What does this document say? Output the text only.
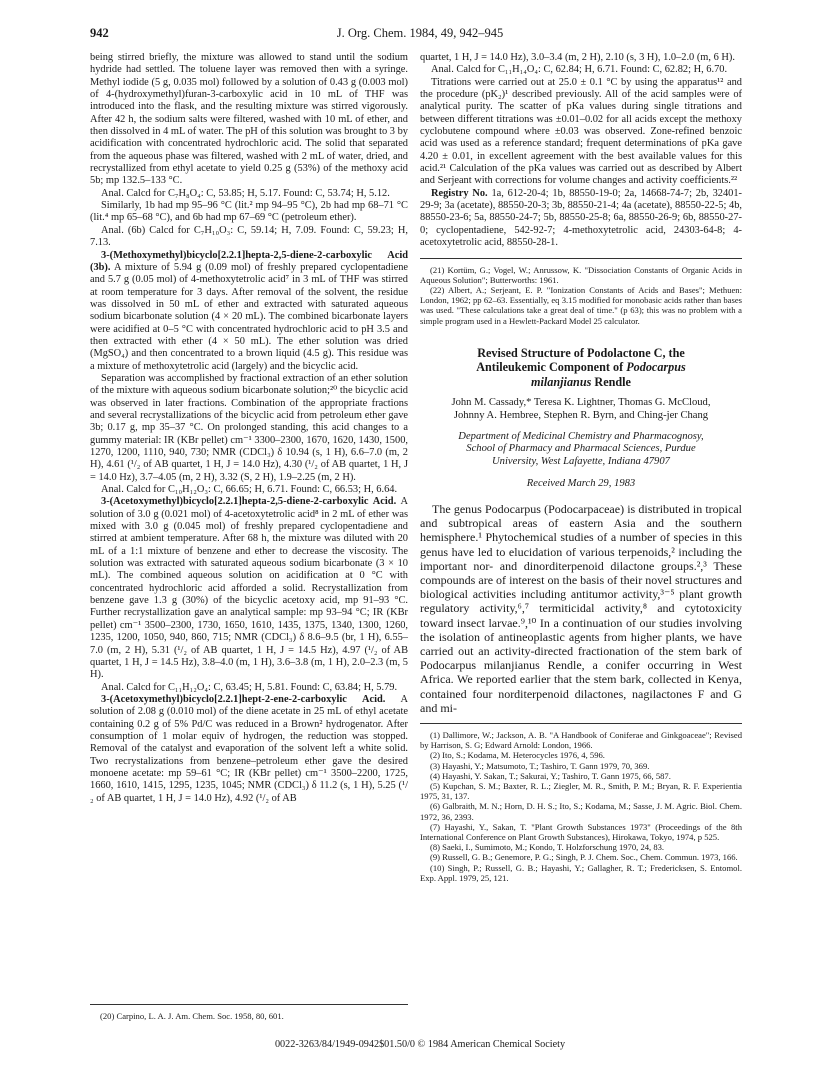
942	J. Org. Chem. 1984, 49, 942–945

being stirred briefly, the mixture was allowed to stand until the sodium hydride had settled. The toluene layer was removed then with a syringe. Methyl iodide (5 g, 0.035 mol) followed by a solution of 0.43 g (0.003 mol) of 4-(hydroxymethyl)furan-3-carboxylic acid in 10 mL of THF was introduced into the flask, and the resulting mixture was stirred vigorously. After 42 h, the sodium salts were filtered, washed with 10 mL of ether, and then dissolved in 4 mL of water. The pH of this solution was brought to 3 by acidification with concentrated hydrochloric acid. The solid that separated from the aqueous phase was filtered, washed with 2 mL of water, dried, and recrystallized from ethyl acetate to yield 0.25 g (53%) of the methoxy acid 5b; mp 132.5–133 °C.

Anal. Calcd for C₇H₈O₄: C, 53.85; H, 5.17. Found: C, 53.74; H, 5.12.

Similarly, 1b had mp 95–96 °C (lit.² mp 94–95 °C), 2b had mp 68–71 °C (lit.⁴ mp 65–68 °C), and 6b had mp 67–69 °C (petroleum ether).

Anal. (6b) Calcd for C₇H₁₀O₃: C, 59.14; H, 7.09. Found: C, 59.23; H, 7.13.

3-(Methoxymethyl)bicyclo[2.2.1]hepta-2,5-diene-2-carboxylic Acid (3b). A mixture of 5.94 g (0.09 mol) of freshly prepared cyclopentadiene and 5.7 g (0.05 mol) of 4-methoxytetrolic acid⁷ in 3 mL of THF was stirred at room temperature for 3 days. After removal of the solvent, the residue was dissolved in 50 mL of ether and extracted with saturated aqueous sodium bicarbonate solution (4 × 20 mL). The combined bicarbonate layers were acidified at 0–5 °C with concentrated hydrochloric acid to pH 3.5 and then extracted with ether (4 × 50 mL). The ether solution was dried (MgSO₄) and then concentrated to a brown liquid (4.5 g). This residue was a mixture of methoxytetrolic acid (largely) and the bicyclic acid.

Separation was accomplished by fractional extraction of an ether solution of the mixture with aqueous sodium bicarbonate solution;²⁰ the bicyclic acid was observed in later fractions. Combination of the appropriate fractions and several recrystallizations of the bicyclic acid from petroleum ether gave 3b; 0.17 g, mp 35–37 °C. On prolonged standing, this acid changes to a gummy material: IR (KBr pellet) cm⁻¹ 3300–2300, 1670, 1620, 1430, 1500, 1270, 1200, 1110, 940, 730; NMR (CDCl₃) δ 10.94 (s, 1 H), 6.6–7.0 (m, 2 H), 4.61 (¹/₂ of AB quartet, 1 H, J = 14.0 Hz), 4.30 (¹/₂ of AB quartet, 1 H, J = 14.0 Hz), 3.7–4.05 (m, 2 H), 3.32 (S, 2 H), 1.9–2.25 (m, 2 H).

Anal. Calcd for C₁₀H₁₂O₃: C, 66.65; H, 6.71. Found: C, 66.53; H, 6.64.

3-(Acetoxymethyl)bicyclo[2.2.1]hepta-2,5-diene-2-carboxylic Acid. A solution of 3.0 g (0.021 mol) of 4-acetoxytetrolic acid⁸ in 2 mL of ether was mixed with 3.0 g (0.045 mol) of freshly prepared cyclopentadiene and stirred at ambient temperature. After 68 h, the mixture was diluted with 20 mL of a 1:1 mixture of benzene and ether to decrease the viscosity. The solution was extracted with saturated aqueous sodium bicarbonate (3 × 10 mL). The combined aqueous solution on acidification at 0 °C with concentrated hydrochloric acid afforded a solid. Recrystallization from benzene gave 1.3 g (30%) of the bicyclic acetoxy acid, mp 91–93 °C. Further recrystallization gave an analytical sample: mp 93–94 °C; IR (KBr pellet) cm⁻¹ 3500–2300, 1730, 1650, 1610, 1435, 1375, 1340, 1300, 1260, 1235, 1200, 1050, 940, 860, 715; NMR (CDCl₃) δ 8.6–9.5 (br, 1 H), 6.55–7.0 (m, 2 H), 5.31 (¹/₂ of AB quartet, 1 H, J = 14.5 Hz), 4.97 (¹/₂ of AB quartet, 1 H, J = 14.5 Hz), 3.8–4.0 (m, 1 H), 3.6–3.8 (m, 1 H), 2.0–2.3 (m, 5 H).

Anal. Calcd for C₁₁H₁₂O₄: C, 63.45; H, 5.81. Found: C, 63.84; H, 5.79.

3-(Acetoxymethyl)bicyclo[2.2.1]hept-2-ene-2-carboxylic Acid. A solution of 2.08 g (0.010 mol) of the diene acetate in 25 mL of ethyl acetate containing 0.2 g of 5% Pd/C was reduced in a Brown² hydrogenator. After consumption of 1 molar equiv of hydrogen, the reduction was stopped. Removal of the catalyst and evaporation of the solvent left a white solid. Two recrystalizations from benzene–petroleum ether gave the desired monoene acetate: mp 59–61 °C; IR (KBr pellet) cm⁻¹ 3500–2200, 1725, 1660, 1610, 1415, 1295, 1235, 1045; NMR (CDCl₃) δ 11.2 (s, 1 H), 5.25 (¹/₂ of AB quartet, 1 H, J = 14.0 Hz), 4.92 (¹/₂ of AB

(20) Carpino, L. A. J. Am. Chem. Soc. 1958, 80, 601.

quartet, 1 H, J = 14.0 Hz), 3.0–3.4 (m, 2 H), 2.10 (s, 3 H), 1.0–2.0 (m, 6 H).

Anal. Calcd for C₁₁H₁₄O₄: C, 62.84; H, 6.71. Found: C, 62.82; H, 6.70.

Titrations were carried out at 25.0 ± 0.1 °C by using the apparatus¹² and the procedure (pK₂)¹ described previously. All of the acid samples were of analytical purity. The scatter of pKa values during single titrations and between different titrations was ±0.01–0.02 for all acids except the methoxy cyclobutene compound where ±0.03 was observed. Zone-refined benzoic acid was used as a reference standard; frequent determinations of pKa gave 4.20 ± 0.01, in excellent agreement with the best available values for this acid.²¹ Calculation of the pKa values was carried out as described by Albert and Serjeant with corrections for volume changes and activity coefficients.²²

Registry No. 1a, 612-20-4; 1b, 88550-19-0; 2a, 14668-74-7; 2b, 32401-29-9; 3a (acetate), 88550-20-3; 3b, 88550-21-4; 4a (acetate), 88550-22-5; 4b, 88550-23-6; 5a, 88550-24-7; 5b, 88550-25-8; 6a, 88550-26-9; 6b, 88550-27-0; cyclopentadiene, 542-92-7; 4-methoxytetrolic acid, 24303-64-8; 4-acetoxytetrolic acid, 88550-28-1.

(21) Kortüm, G.; Vogel, W.; Anrussow, K. "Dissociation Constants of Organic Acids in Aqueous Solution"; Butterworths: 1961.

(22) Albert, A.; Serjeant, E. P. "Ionization Constants of Acids and Bases"; Methuen: London, 1962; pp 62–63. Essentially, eq 3.15 modified for monobasic acids rather than bases was used. "These calculations take a great deal of time." (p 63); this was no problem with a simple program used in a Hewlett-Packard Model 25 calculator.

Revised Structure of Podolactone C, the
Antileukemic Component of Podocarpus
milanjianus Rendle
John M. Cassady,* Teresa K. Lightner, Thomas G. McCloud,
Johnny A. Hembree, Stephen R. Byrn, and Ching-jer Chang
Department of Medicinal Chemistry and Pharmacognosy,
School of Pharmacy and Pharmacal Sciences, Purdue
University, West Lafayette, Indiana 47907
Received March 29, 1983

The genus Podocarpus (Podocarpaceae) is distributed in tropical and subtropical areas of eastern Asia and the southern hemisphere.¹ Phytochemical studies of a number of species in this genus have led to elucidation of various terpenoids,² including the important nor- and dinorditerpenoid dilactone groups.²,³ These compounds are of interest on the basis of their novel structures and biological activities including antitumor activity,³⁻⁵ plant growth regulatory activity,⁶,⁷ termiticidal activity,⁸ and cytotoxicity toward insect larvae.⁹,¹⁰ In a continuation of our studies involving the isolation of antineoplastic agents from higher plants, we have carried out an activity-directed fractionation of the stem bark of Podocarpus milanjianus Rendle, a conifer occurring in West Africa. We reported earlier that the stem bark, collected in Kenya, contained four norditerpenoid dilactones, nagilactones F and G and mi-

(1) Dallimore, W.; Jackson, A. B. "A Handbook of Coniferae and Ginkgoaceae"; Revised by Harrison, S. G; Edward Arnold: London, 1966.

(2) Ito, S.; Kodama, M. Heterocycles 1976, 4, 596.

(3) Hayashi, Y.; Matsumoto, T.; Tashiro, T. Gann 1979, 70, 369.

(4) Hayashi, Y. Sakan, T.; Sakurai, Y.; Tashiro, T. Gann 1975, 66, 587.

(5) Kupchan, S. M.; Baxter, R. L.; Ziegler, M. R., Smith, P. M.; Bryan, R. F. Experientia 1975, 31, 137.

(6) Galbraith, M. N.; Horn, D. H. S.; Ito, S.; Kodama, M.; Sasse, J. M. Agric. Biol. Chem. 1972, 36, 2393.

(7) Hayashi, Y., Sakan, T. "Plant Growth Substances 1973" (Proceedings of the 8th International Conference on Plant Growth Substances), Hirokawa, Tokyo, 1974, p 525.

(8) Saeki, I., Sumimoto, M.; Kondo, T. Holzforschung 1970, 24, 83.

(9) Russell, G. B.; Genemore, P. G.; Singh, P. J. Chem. Soc., Chem. Commun. 1973, 166.

(10) Singh, P.; Russell, G. B.; Hayashi, Y.; Gallagher, R. T.; Fredericksen, S. Entomol. Exp. Appl. 1979, 25, 121.

0022-3263/84/1949-0942$01.50/0 © 1984 American Chemical Society
